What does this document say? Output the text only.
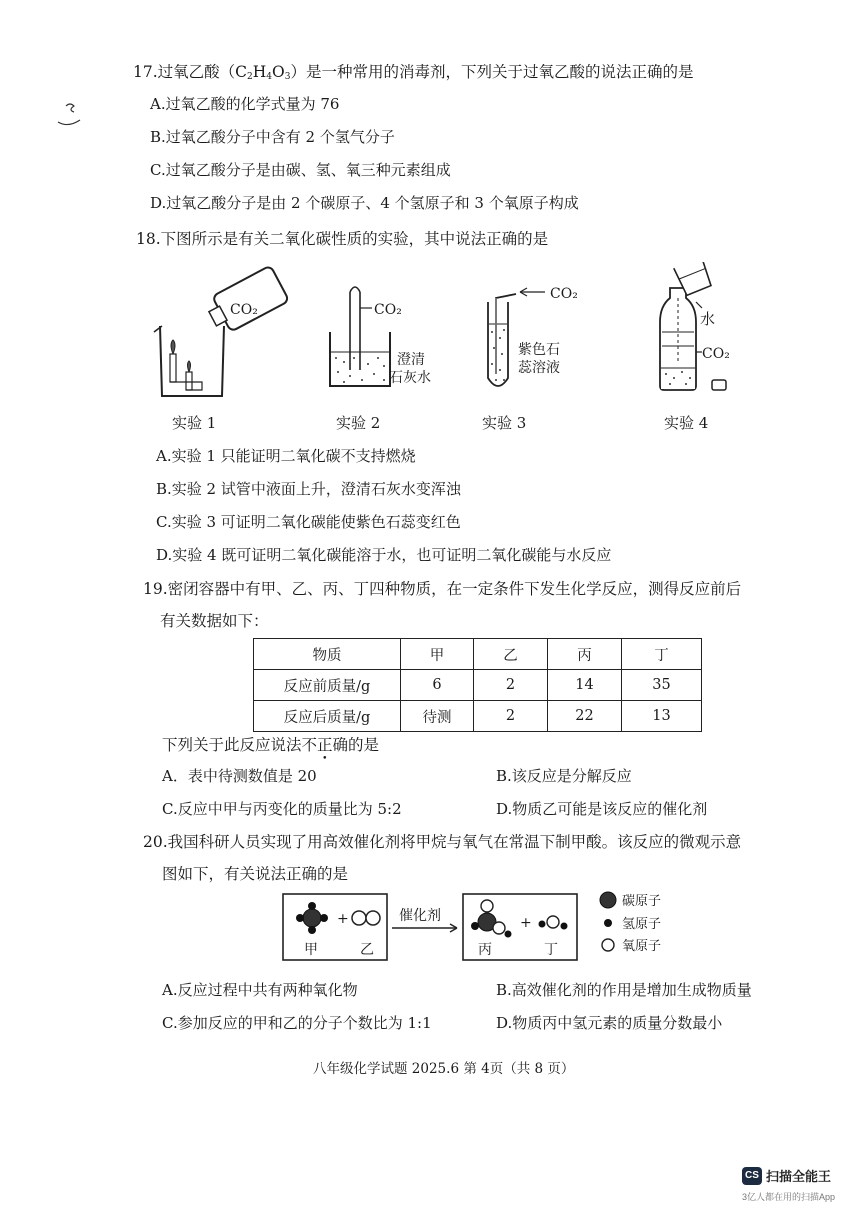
17.过氧乙酸$(C_2H_4O_3)$是一种常用的消毒剂，下列关于过氧乙酸的说法正确的是
A.过氧乙酸的化学式量为 76
B.过氧乙酸分子中含有 2 个氢气分子
C.过氧乙酸分子是由碳、氢、氧三种元素组成
D.过氧乙酸分子是由 2 个碳原子、4 个氢原子和 3 个氧原子构成
18.下图所示是有关二氧化碳性质的实验，其中说法正确的是
CO₂	CO₂
澄清
石灰水
CO₂
紫色石
蕊溶液
水
CO₂
实验 1	实验 2	实验 3	实验 4
A.实验 1 只能证明二氧化碳不支持燃烧
B.实验 2 试管中液面上升，澄清石灰水变浑浊
C.实验 3 可证明二氧化碳能使紫色石蕊变红色
D.实验 4 既可证明二氧化碳能溶于水，也可证明二氧化碳能与水反应
19.密闭容器中有甲、乙、丙、丁四种物质，在一定条件下发生化学反应，测得反应前后
有关数据如下：
物质	甲	乙	丙	丁
反应前质量/g	6	2	14	35
反应后质量/g	待测	2	22	13
下列关于此反应说法不正确的是
A．表中待测数值是 20	B.该反应是分解反应
C.反应中甲与丙变化的质量比为 5:2	D.物质乙可能是该反应的催化剂
20.我国科研人员实现了用高效催化剂将甲烷与氧气在常温下制甲酸。该反应的微观示意
图如下，有关说法正确的是
+
甲	乙
催化剂	+
丙	丁
碳原子
氢原子
氧原子
A.反应过程中共有两种氧化物	B.高效催化剂的作用是增加生成物质量
C.参加反应的甲和乙的分子个数比为 1:1	D.物质丙中氢元素的质量分数最小
八年级化学试题 2025.6 第 4页（共 8 页）
CS 扫描全能王
3亿人都在用的扫描App
